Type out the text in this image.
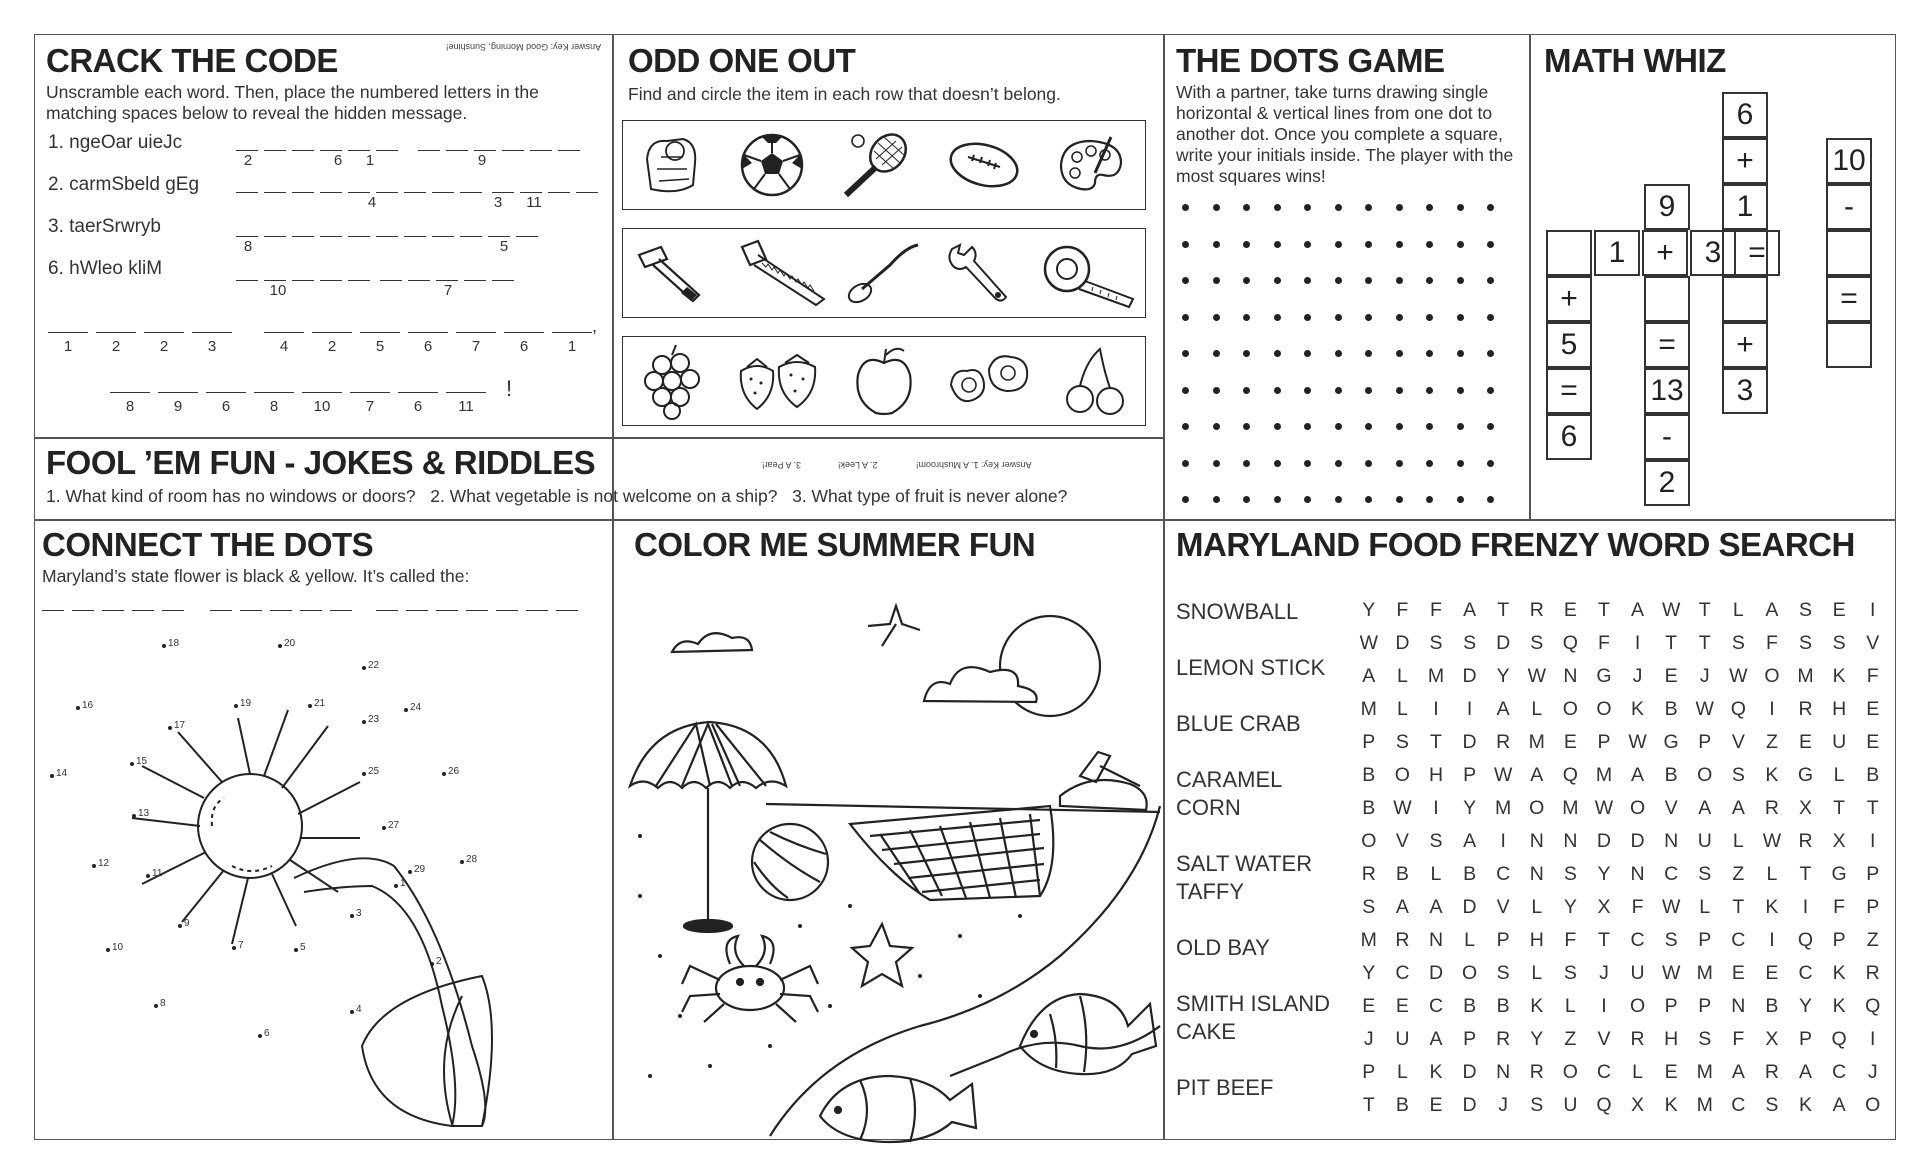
CRACK THE CODE	Answer Key: Good Morning, Sunshine!
Unscramble each word. Then, place the numbered letters in the matching spaces below to reveal the hidden message.
1. ngeOar uieJc
2. carmSbeld gEg
3. taerSrwryb
6. hWleo kliM
2	6	1	9
4	3	11
8	5
10	7
1	2	2	3	4	2	5	6	7	6	1
8	9	6	8	10	7	6	11
,
!
ODD ONE OUT
Find and circle the item in each row that doesn’t belong.
THE DOTS GAME
With a partner, take turns drawing single horizontal & vertical lines from one dot to another dot. Once you complete a square, write your initials inside. The player with the most squares wins!
MATH WHIZ
6
+
1
10
-
9
1	+	3 =
+
5
=
6
=
13
-
2
+
3
=
FOOL ’EM FUN - JOKES & RIDDLES	Answer Key: 1. A Mushroom!
2. A Leek!
3. A Pear!
1. What kind of room has no windows or doors?   2. What vegetable is not welcome on a ship?   3. What type of fruit is never alone?
CONNECT THE DOTS
Maryland’s state flower is black & yellow. It’s called the:
1
2
3
4
5
6
7
8
9
10
11
12
13
14
15
16
17
18
19
20
21
22
23
24
25	26
27
28
29
COLOR ME SUMMER FUN	MARYLAND FOOD FRENZY WORD SEARCH
SNOWBALL
LEMON STICK
BLUE CRAB
CARAMEL
CORN
SALT WATER
TAFFY
OLD BAY
SMITH ISLAND
CAKE
PIT BEEF
Y	F	F	A	T	R	E	T	A W T	L	A	S	E	I
W D	S	S	D	S	Q	F	I	T	T	S	F	S	S	V
A	L	M D	Y W N G	J	E	J	W O M K	F
M	L	I	I	A	L	O O	K	B W Q	I	R	H	E
P	S	T	D	R M E	P W G	P	V	Z	E	U	E
B	O H	P W A	Q M A	B	O	S	K	G	L	B
B W	I	Y M O M W O	V	A	A	R	X	T	T
O	V	S	A	I	N	N	D	D	N	U	L W R	X	I
R	B	L	B	C	N	S	Y	N	C	S	Z	L	T	G	P
S	A	A	D	V	L	Y	X	F W L	T	K	I	F	P
M R	N	L	P	H	F	T	C	S	P	C	I	Q	P	Z
Y	C	D O	S	L	S	J	U W M E	E	C	K	R
E	E	C	B	B	K	L	I	O	P	P	N	B	Y	K	Q
J	U	A	P	R	Y	Z	V	R	H	S	F	X	P	Q	I
P	L	K	D	N	R O C	L	E M A	R	A	C	J
T	B	E	D	J	S	U Q	X	K M C	S	K	A	O
